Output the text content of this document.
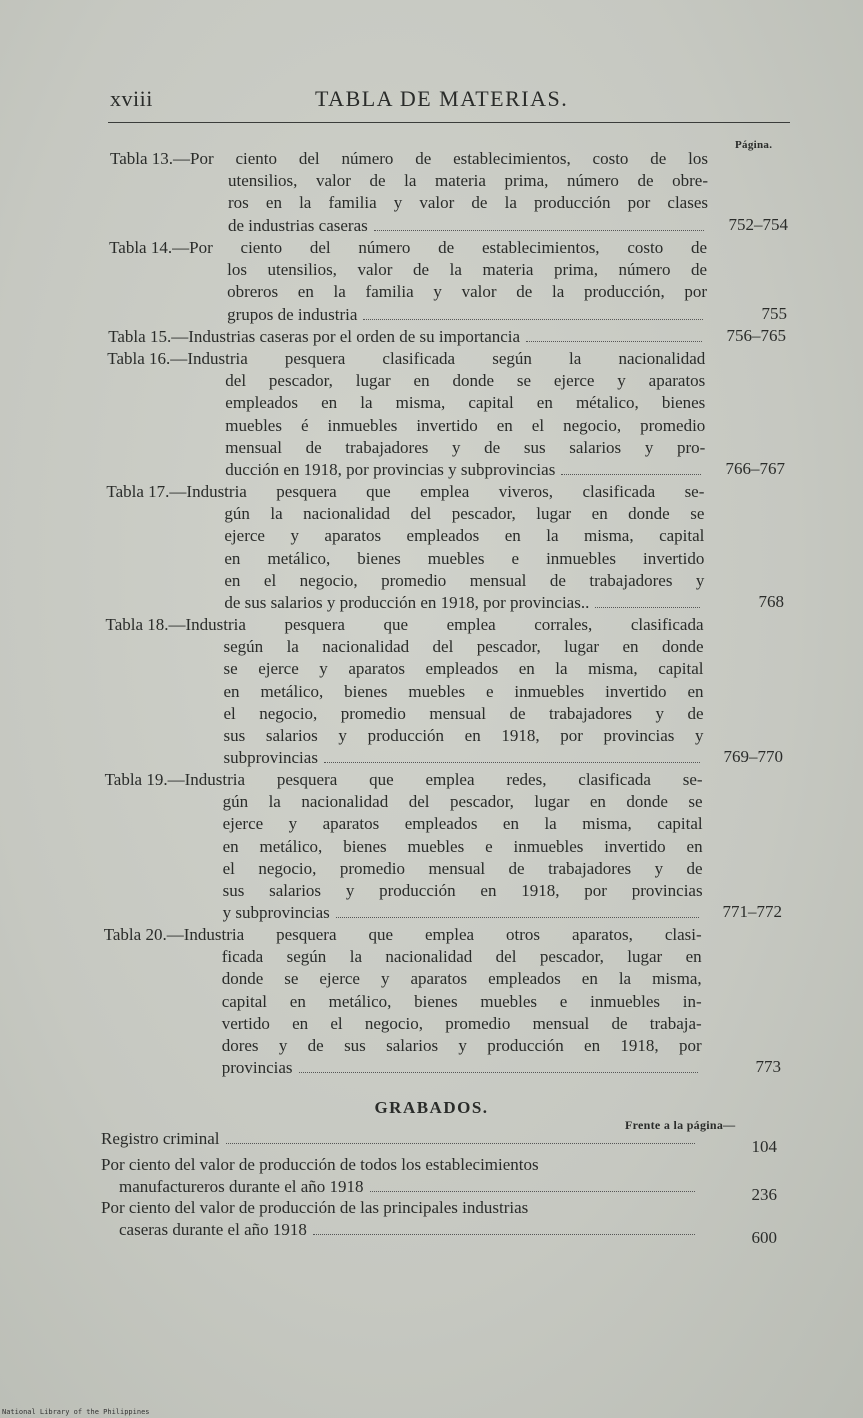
xviii	TABLA DE MATERIAS.
Página.
Tabla 13.—Por ciento del número de establecimientos, costo de los
utensilios, valor de la materia prima, número de obre-
ros en la familia y valor de la producción por clases
de industrias caseras	752–754
Tabla 14.—Por ciento del número de establecimientos, costo de
los utensilios, valor de la materia prima, número de
obreros en la familia y valor de la producción, por
grupos de industria	755
Tabla 15.— Industrias caseras por el orden de su importancia	756–765
Tabla 16.—Industria pesquera clasificada según la nacionalidad
del pescador, lugar en donde se ejerce y aparatos
empleados en la misma, capital en métalico, bienes
muebles é inmuebles invertido en el negocio, promedio
mensual de trabajadores y de sus salarios y pro-
ducción en 1918, por provincias y subprovincias	766–767
Tabla 17.—Industria pesquera que emplea viveros, clasificada se-
gún la nacionalidad del pescador, lugar en donde se
ejerce y aparatos empleados en la misma, capital
en metálico, bienes muebles e inmuebles invertido
en el negocio, promedio mensual de trabajadores y
de sus salarios y producción en 1918, por provincias..	768
Tabla 18.—Industria pesquera que emplea corrales, clasificada
según la nacionalidad del pescador, lugar en donde
se ejerce y aparatos empleados en la misma, capital
en metálico, bienes muebles e inmuebles invertido en
el negocio, promedio mensual de trabajadores y de
sus salarios y producción en 1918, por provincias y
subprovincias	769–770
Tabla 19.—Industria pesquera que emplea redes, clasificada se-
gún la nacionalidad del pescador, lugar en donde se
ejerce y aparatos empleados en la misma, capital
en metálico, bienes muebles e inmuebles invertido en
el negocio, promedio mensual de trabajadores y de
sus salarios y producción en 1918, por provincias
y subprovincias	771–772
Tabla 20.—Industria pesquera que emplea otros aparatos, clasi-
ficada según la nacionalidad del pescador, lugar en
donde se ejerce y aparatos empleados en la misma,
capital en metálico, bienes muebles e inmuebles in-
vertido en el negocio, promedio mensual de trabaja-
dores y de sus salarios y producción en 1918, por
provincias	773
GRABADOS.
Frente a la página—
Registro criminal	104
Por ciento del valor de producción de todos los establecimientos
manufactureros durante el año 1918	236
Por ciento del valor de producción de las principales industrias
caseras durante el año 1918	600
National Library of the Philippines
